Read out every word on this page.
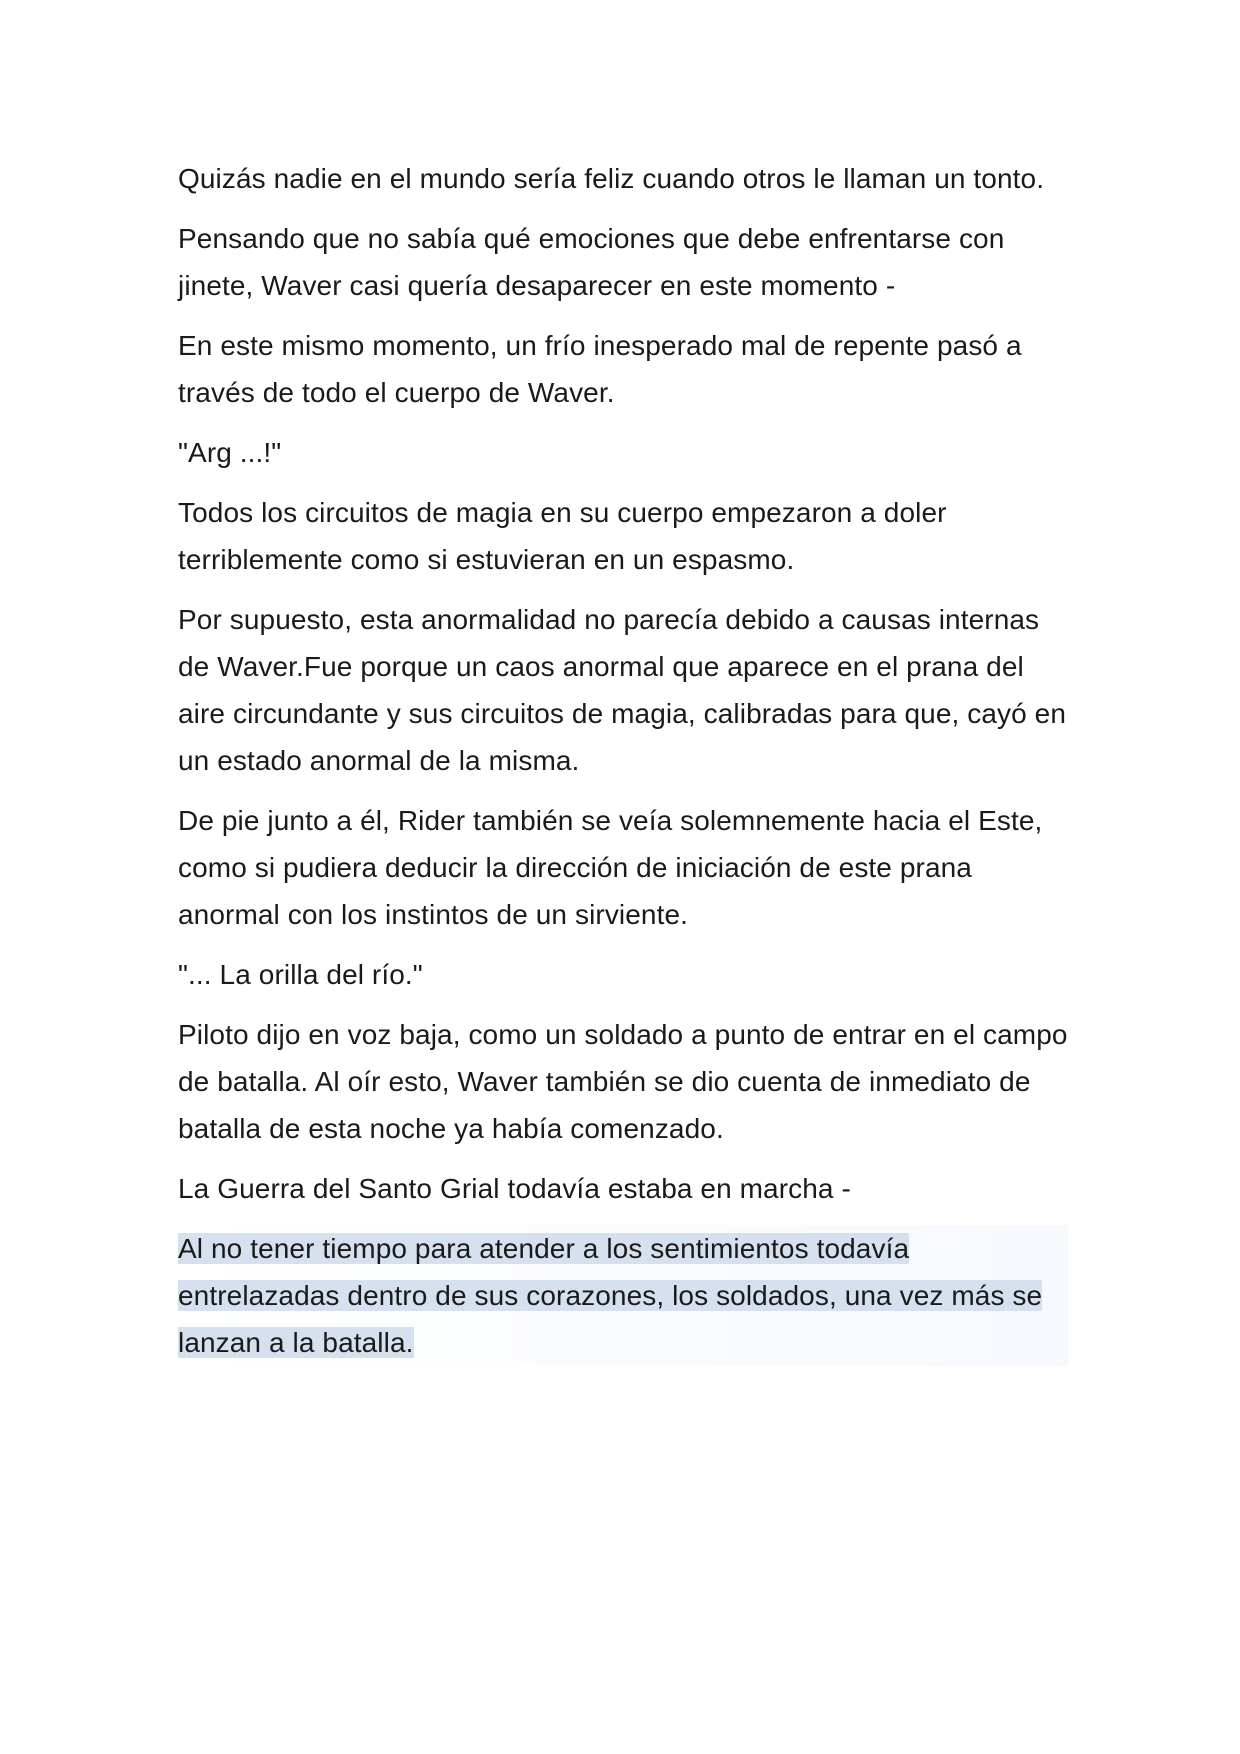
Quizás nadie en el mundo sería feliz cuando otros le llaman un tonto.

Pensando que no sabía qué emociones que debe enfrentarse con jinete, Waver casi quería desaparecer en este momento -

En este mismo momento, un frío inesperado mal de repente pasó a través de todo el cuerpo de Waver.

"Arg ...!"

Todos los circuitos de magia en su cuerpo empezaron a doler terriblemente como si estuvieran en un espasmo.

Por supuesto, esta anormalidad no parecía debido a causas internas de Waver.Fue porque un caos anormal que aparece en el prana del aire circundante y sus circuitos de magia, calibradas para que, cayó en un estado anormal de la misma.

De pie junto a él, Rider también se veía solemnemente hacia el Este, como si pudiera deducir la dirección de iniciación de este prana anormal con los instintos de un sirviente.

"... La orilla del río."

Piloto dijo en voz baja, como un soldado a punto de entrar en el campo de batalla. Al oír esto, Waver también se dio cuenta de inmediato de batalla de esta noche ya había comenzado.

La Guerra del Santo Grial todavía estaba en marcha -

Al no tener tiempo para atender a los sentimientos todavía entrelazadas dentro de sus corazones, los soldados, una vez más se lanzan a la batalla.
